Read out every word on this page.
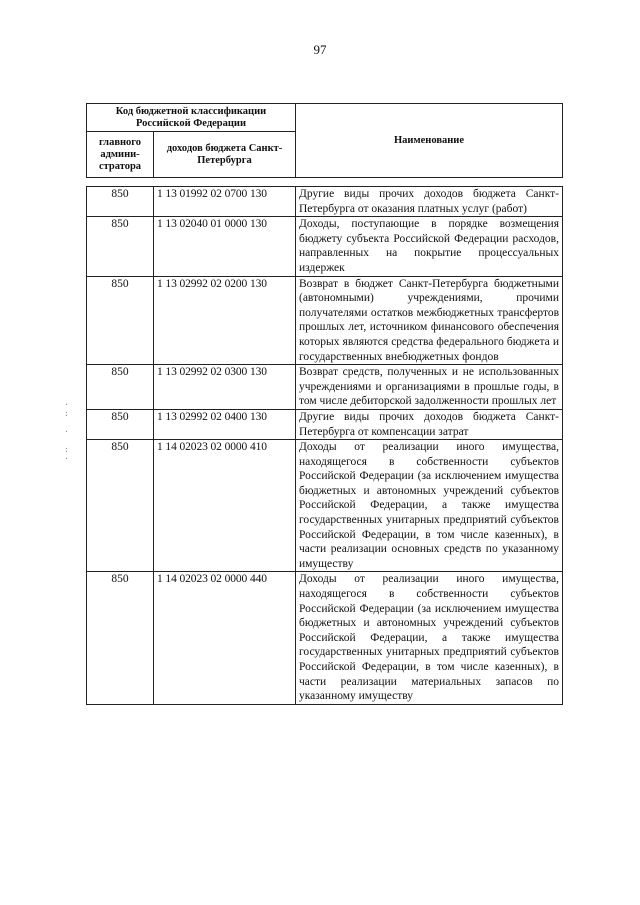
97
Код бюджетной классификации Российской Федерации		Наименование
главного админи-стратора	доходов бюджета Санкт-Петербурга	
850	1 13 01992 02 0700 130	Другие виды прочих доходов бюджета Санкт-Петербурга от оказания платных услуг (работ)
850	1 13 02040 01 0000 130	Доходы, поступающие в порядке возмещения бюджету субъекта Российской Федерации расходов, направленных на покрытие процессуальных издержек
850	1 13 02992 02 0200 130	Возврат в бюджет Санкт-Петербурга бюджетными (автономными) учреждениями, прочими получателями остатков межбюджетных трансфертов прошлых лет, источником финансового обеспечения которых являются средства федерального бюджета и государственных внебюджетных фондов
850	1 13 02992 02 0300 130	Возврат средств, полученных и не использованных учреждениями и организациями в прошлые годы, в том числе дебиторской задолженности прошлых лет
850	1 13 02992 02 0400 130	Другие виды прочих доходов бюджета Санкт-Петербурга от компенсации затрат
850	1 14 02023 02 0000 410	Доходы от реализации иного имущества, находящегося в собственности субъектов Российской Федерации (за исключением имущества бюджетных и автономных учреждений субъектов Российской Федерации, а также имущества государственных унитарных предприятий субъектов Российской Федерации, в том числе казенных), в части реализации основных средств по указанному имуществу
850	1 14 02023 02 0000 440	Доходы от реализации иного имущества, находящегося в собственности субъектов Российской Федерации (за исключением имущества бюджетных и автономных учреждений субъектов Российской Федерации, а также имущества государственных унитарных предприятий субъектов Российской Федерации, в том числе казенных), в части реализации материальных запасов по указанному имуществу
·
:

·

:
·
